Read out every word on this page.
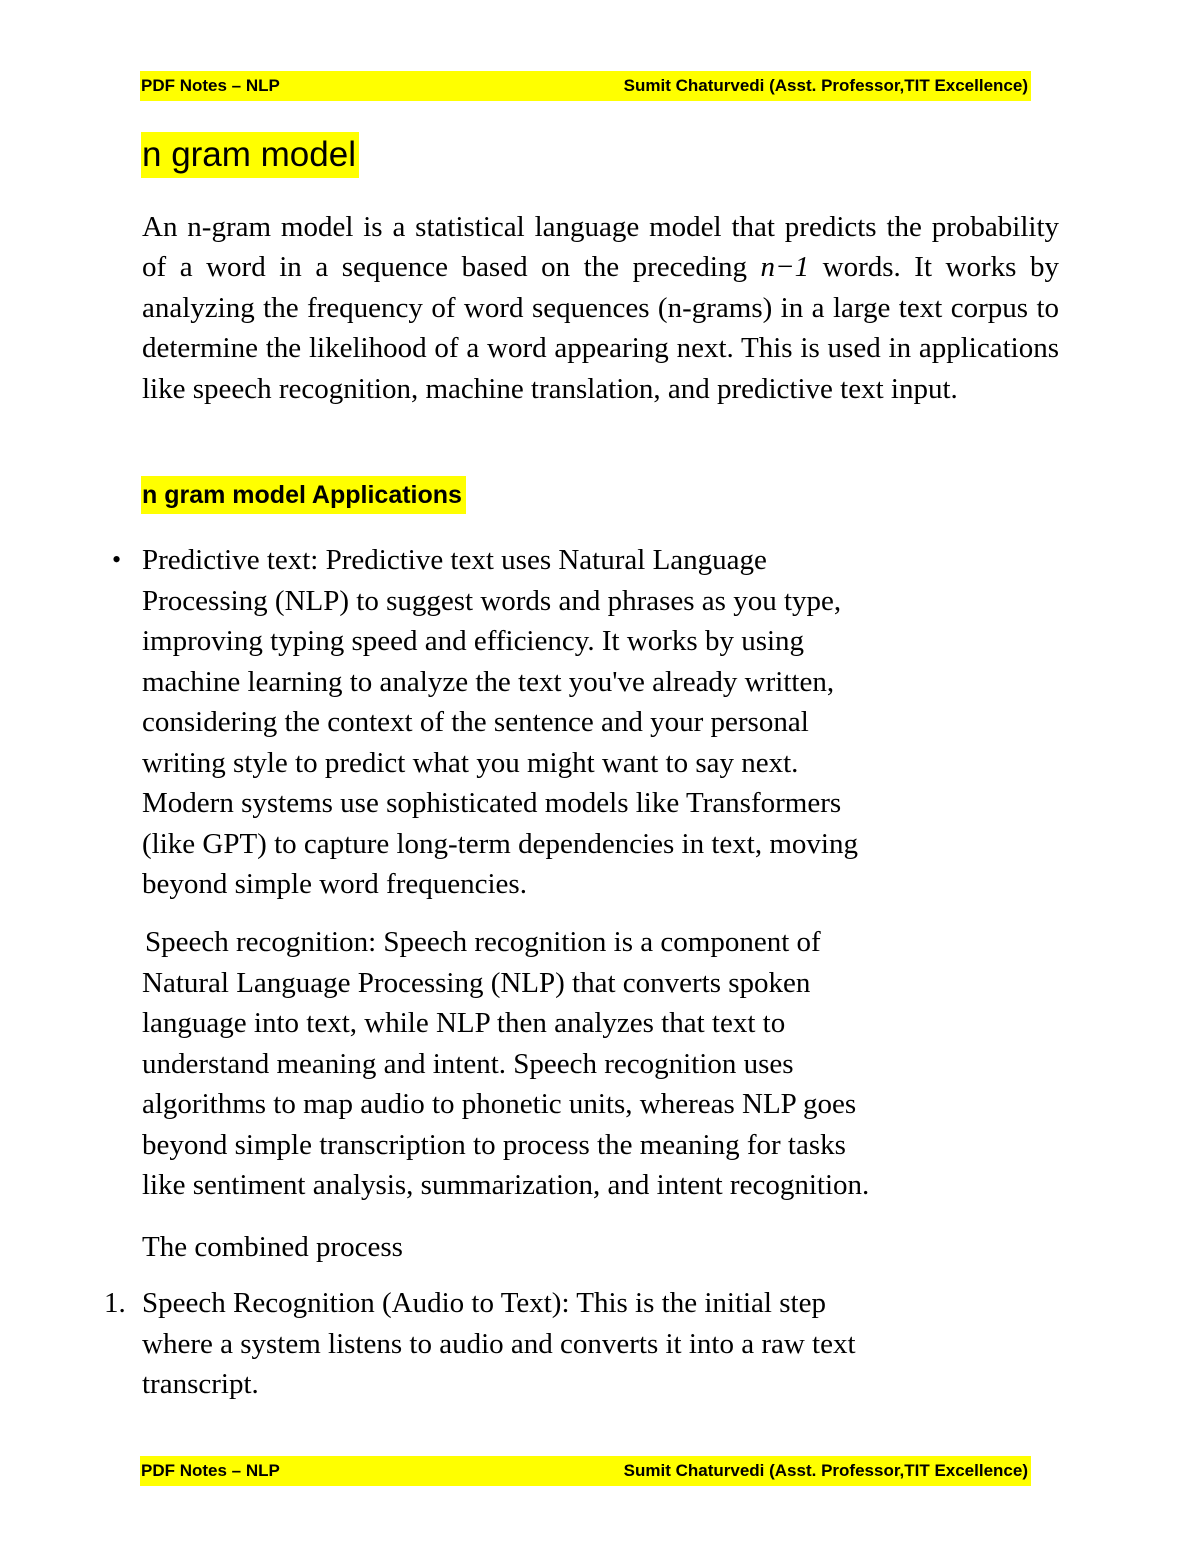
PDF Notes – NLP	Sumit Chaturvedi (Asst. Professor,TIT Excellence)
n gram model

An n-gram model is a statistical language model that predicts the probability of a word in a sequence based on the preceding n−1 words. It works by analyzing the frequency of word sequences (n-grams) in a large text corpus to determine the likelihood of a word appearing next. This is used in applications like speech recognition, machine translation, and predictive text input.

n gram model Applications
• Predictive text: Predictive text uses Natural Language
Processing (NLP) to suggest words and phrases as you type,
improving typing speed and efficiency. It works by using
machine learning to analyze the text you've already written,
considering the context of the sentence and your personal
writing style to predict what you might want to say next.
Modern systems use sophisticated models like Transformers
(like GPT) to capture long-term dependencies in text, moving
beyond simple word frequencies.

Speech recognition: Speech recognition is a component of
Natural Language Processing (NLP) that converts spoken
language into text, while NLP then analyzes that text to
understand meaning and intent. Speech recognition uses
algorithms to map audio to phonetic units, whereas NLP goes
beyond simple transcription to process the meaning for tasks
like sentiment analysis, summarization, and intent recognition.

The combined process

1. Speech Recognition (Audio to Text): This is the initial step
where a system listens to audio and converts it into a raw text
transcript.

PDF Notes – NLP	Sumit Chaturvedi (Asst. Professor,TIT Excellence)
